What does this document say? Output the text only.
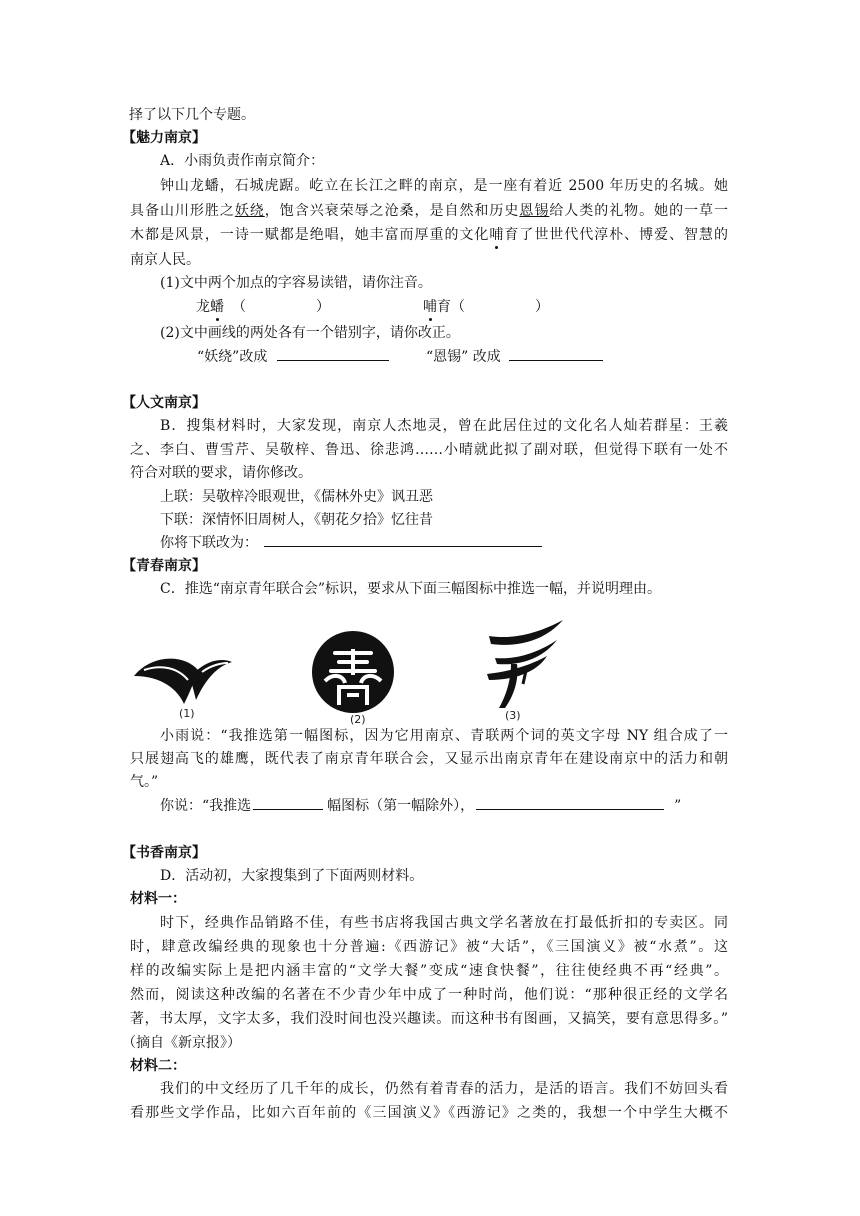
择了以下几个专题。
【魅力南京】
A．小雨负责作南京简介：
钟山龙蟠，石城虎踞。屹立在长江之畔的南京，是一座有着近 2500 年历史的名城。她
具备山川形胜之妖绕，饱含兴衰荣辱之沧桑，是自然和历史恩锡给人类的礼物。她的一草一
木都是风景，一诗一赋都是绝唱，她丰富而厚重的文化哺育了世世代代淳朴、博爱、智慧的
南京人民。
(1)文中两个加点的字容易读错，请你注音。
龙蟠 （　　　　　）	哺育（　　　　　）
(2)文中画线的两处各有一个错别字，请你改正。
“妖绕”改成	“恩锡” 改成
【人文南京】
B．搜集材料时，大家发现，南京人杰地灵，曾在此居住过的文化名人灿若群星：王羲
之、李白、曹雪芹、吴敬梓、鲁迅、徐悲鸿……小晴就此拟了副对联，但觉得下联有一处不
符合对联的要求，请你修改。
上联：吴敬梓冷眼观世，《儒林外史》讽丑恶
下联：深情怀旧周树人，《朝花夕拾》忆往昔
你将下联改为：
【青春南京】
C．推选“南京青年联合会”标识，要求从下面三幅图标中推选一幅，并说明理由。
(1)	(2)	(3)
小雨说：“我推选第一幅图标，因为它用南京、青联两个词的英文字母 NY 组合成了一
只展翅高飞的雄鹰，既代表了南京青年联合会，又显示出南京青年在建设南京中的活力和朝
气。”
你说：“我推选	幅图标（第一幅除外），	”
【书香南京】
D．活动初，大家搜集到了下面两则材料。
材料一：
时下，经典作品销路不佳，有些书店将我国古典文学名著放在打最低折扣的专卖区。同
时，肆意改编经典的现象也十分普遍:《西游记》被“大话”，《三国演义》被“水煮”。这
样的改编实际上是把内涵丰富的“文学大餐”变成“速食快餐”，往往使经典不再“经典”。
然而，阅读这种改编的名著在不少青少年中成了一种时尚，他们说：“那种很正经的文学名
著，书太厚，文字太多，我们没时间也没兴趣读。而这种书有图画，又搞笑，要有意思得多。”
（摘自《新京报》）
材料二：
我们的中文经历了几千年的成长，仍然有着青春的活力，是活的语言。我们不妨回头看
看那些文学作品，比如六百年前的《三国演义》《西游记》之类的，我想一个中学生大概不
